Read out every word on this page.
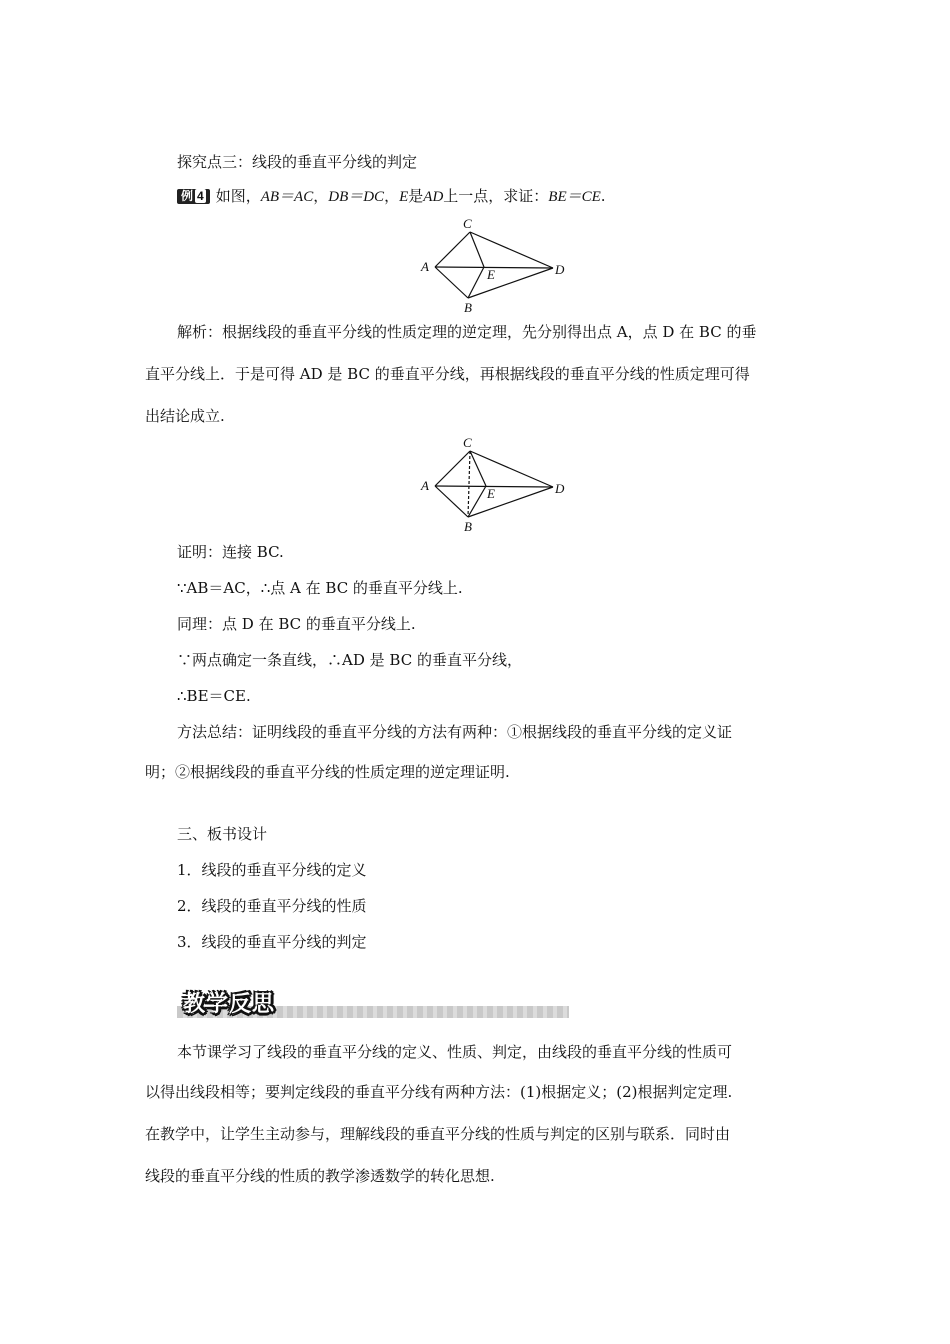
探究点三：线段的垂直平分线的判定
例 4 如图，AB＝AC，DB＝DC，E是AD上一点，求证：BE＝CE.
C
A
E	D
B
解析：根据线段的垂直平分线的性质定理的逆定理，先分别得出点 A，点 D 在 BC 的垂
直平分线上．于是可得 AD 是 BC 的垂直平分线，再根据线段的垂直平分线的性质定理可得
出结论成立.
C
A
E	D
B
证明：连接 BC.
∵AB＝AC，∴点 A 在 BC 的垂直平分线上.
同理：点 D 在 BC 的垂直平分线上.
∵两点确定一条直线，∴AD 是 BC 的垂直平分线，
∴BE＝CE.
方法总结：证明线段的垂直平分线的方法有两种：①根据线段的垂直平分线的定义证
明；②根据线段的垂直平分线的性质定理的逆定理证明.
三、板书设计
1．线段的垂直平分线的定义
2．线段的垂直平分线的性质
3．线段的垂直平分线的判定
教学反思
本节课学习了线段的垂直平分线的定义、性质、判定，由线段的垂直平分线的性质可
以得出线段相等；要判定线段的垂直平分线有两种方法：(1)根据定义；(2)根据判定定理.
在教学中，让学生主动参与，理解线段的垂直平分线的性质与判定的区别与联系．同时由
线段的垂直平分线的性质的教学渗透数学的转化思想.
